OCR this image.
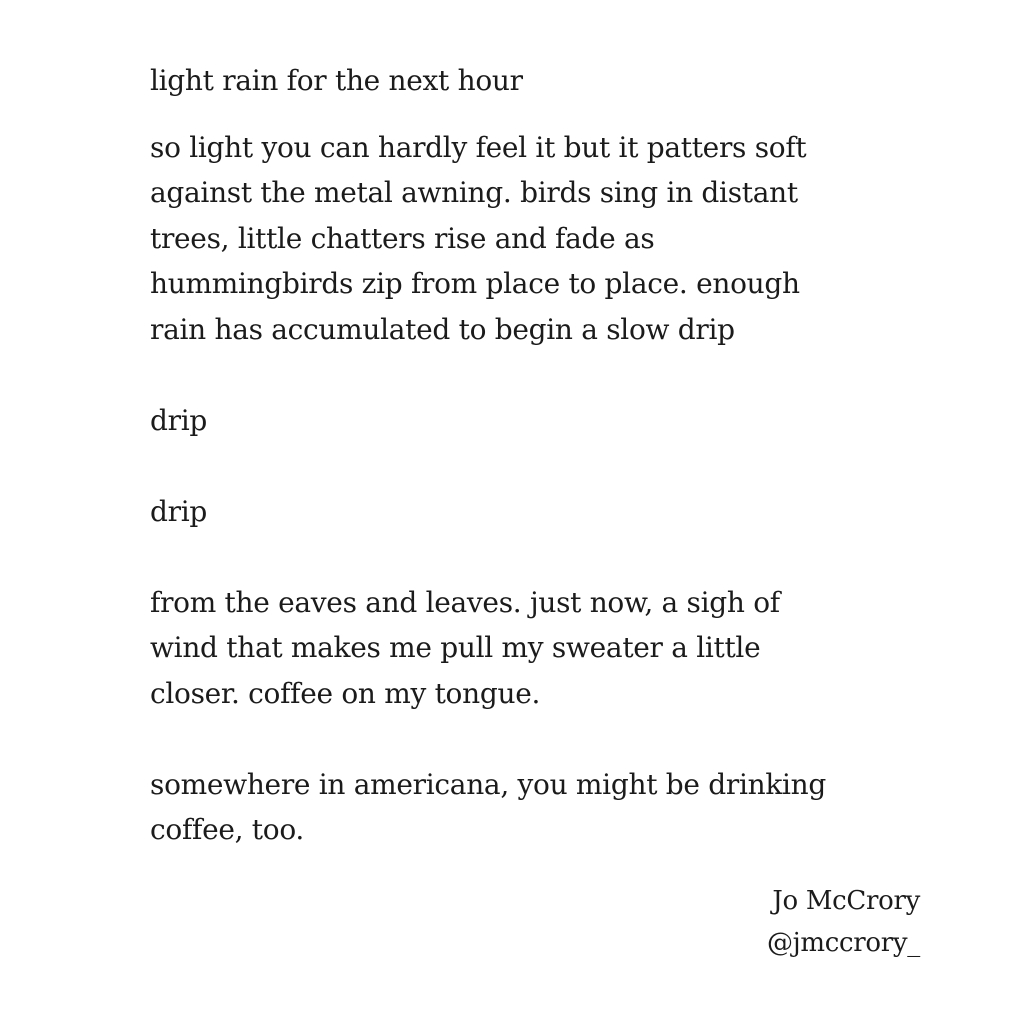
light rain for the next hour
so light you can hardly feel it but it patters soft
against the metal awning. birds sing in distant
trees, little chatters rise and fade as
hummingbirds zip from place to place. enough
rain has accumulated to begin a slow drip
drip
drip
from the eaves and leaves. just now, a sigh of
wind that makes me pull my sweater a little
closer. coffee on my tongue.
somewhere in americana, you might be drinking
coffee, too.
Jo McCrory
@jmccrory_
